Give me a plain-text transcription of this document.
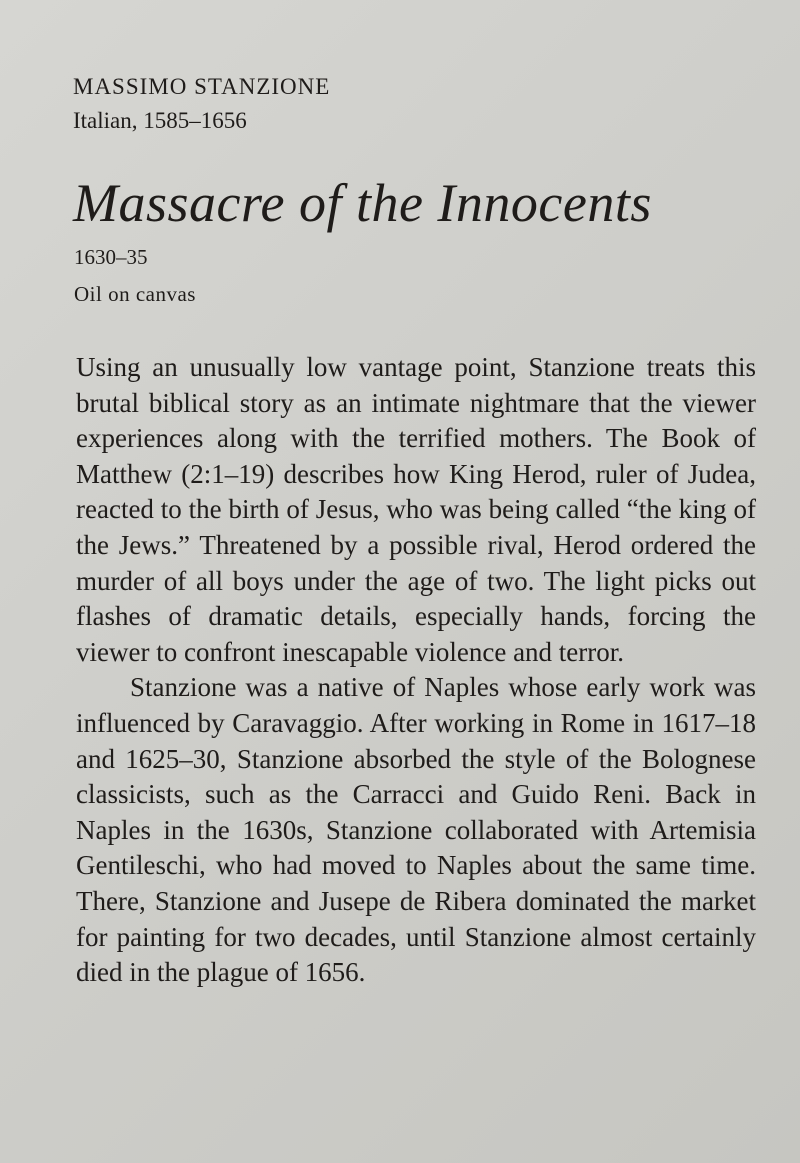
MASSIMO STANZIONE
Italian, 1585–1656
Massacre of the Innocents
1630–35
Oil on canvas

Using an unusually low vantage point, Stanzione treats this brutal biblical story as an intimate nightmare that the viewer experiences along with the terrified mothers. The Book of Matthew (2:1–19) describes how King Herod, ruler of Judea, reacted to the birth of Jesus, who was being called “the king of the Jews.” Threatened by a possible rival, Herod ordered the murder of all boys under the age of two. The light picks out flashes of dramatic details, especially hands, forcing the viewer to confront inescapable violence and terror.

Stanzione was a native of Naples whose early work was influenced by Caravaggio. After working in Rome in 1617–18 and 1625–30, Stanzione absorbed the style of the Bolognese classicists, such as the Carracci and Guido Reni. Back in Naples in the 1630s, Stanzione collaborated with Artemisia Gentileschi, who had moved to Naples about the same time. There, Stanzione and Jusepe de Ribera dominated the market for painting for two decades, until Stanzione almost certainly died in the plague of 1656.
